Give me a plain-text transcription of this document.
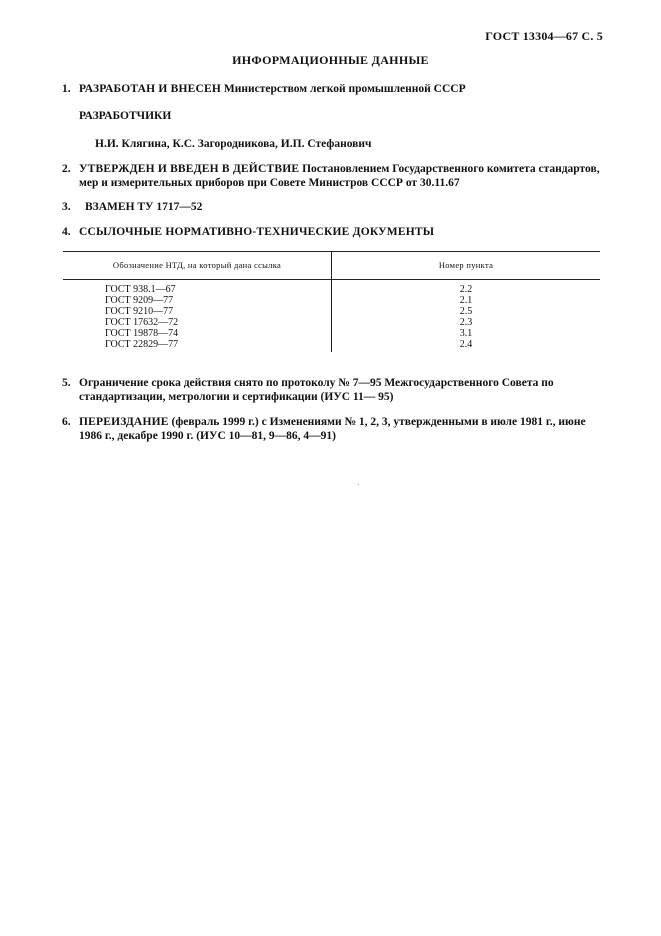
ГОСТ 13304—67 С. 5
ИНФОРМАЦИОННЫЕ ДАННЫЕ
1. РАЗРАБОТАН И ВНЕСЕН Министерством легкой промышленной СССР
РАЗРАБОТЧИКИ
Н.И. Клягина, К.С. Загородникова, И.П. Стефанович
2. УТВЕРЖДЕН И ВВЕДЕН В ДЕЙСТВИЕ Постановлением Государственного комитета стандартов,
мер и измерительных приборов при Совете Министров СССР от 30.11.67
3. ВЗАМЕН ТУ 1717—52
4. ССЫЛОЧНЫЕ НОРМАТИВНО-ТЕХНИЧЕСКИЕ ДОКУМЕНТЫ
Обозначение НТД, на который дана ссылка	Номер пункта
ГОСТ 938.1—67
ГОСТ 9209—77
ГОСТ 9210—77
ГОСТ 17632—72
ГОСТ 19878—74
ГОСТ 22829—77
2.2
2.1
2.5
2.3
3.1
2.4
5. Ограничение срока действия снято по протоколу № 7—95 Межгосударственного Совета по
стандартизации, метрологии и сертификации (ИУС 11— 95)
6. ПЕРЕИЗДАНИЕ (февраль 1999 г.) с Изменениями № 1, 2, 3, утвержденными в июле 1981 г., июне
1986 г., декабре 1990 г. (ИУС 10—81, 9—86, 4—91)
